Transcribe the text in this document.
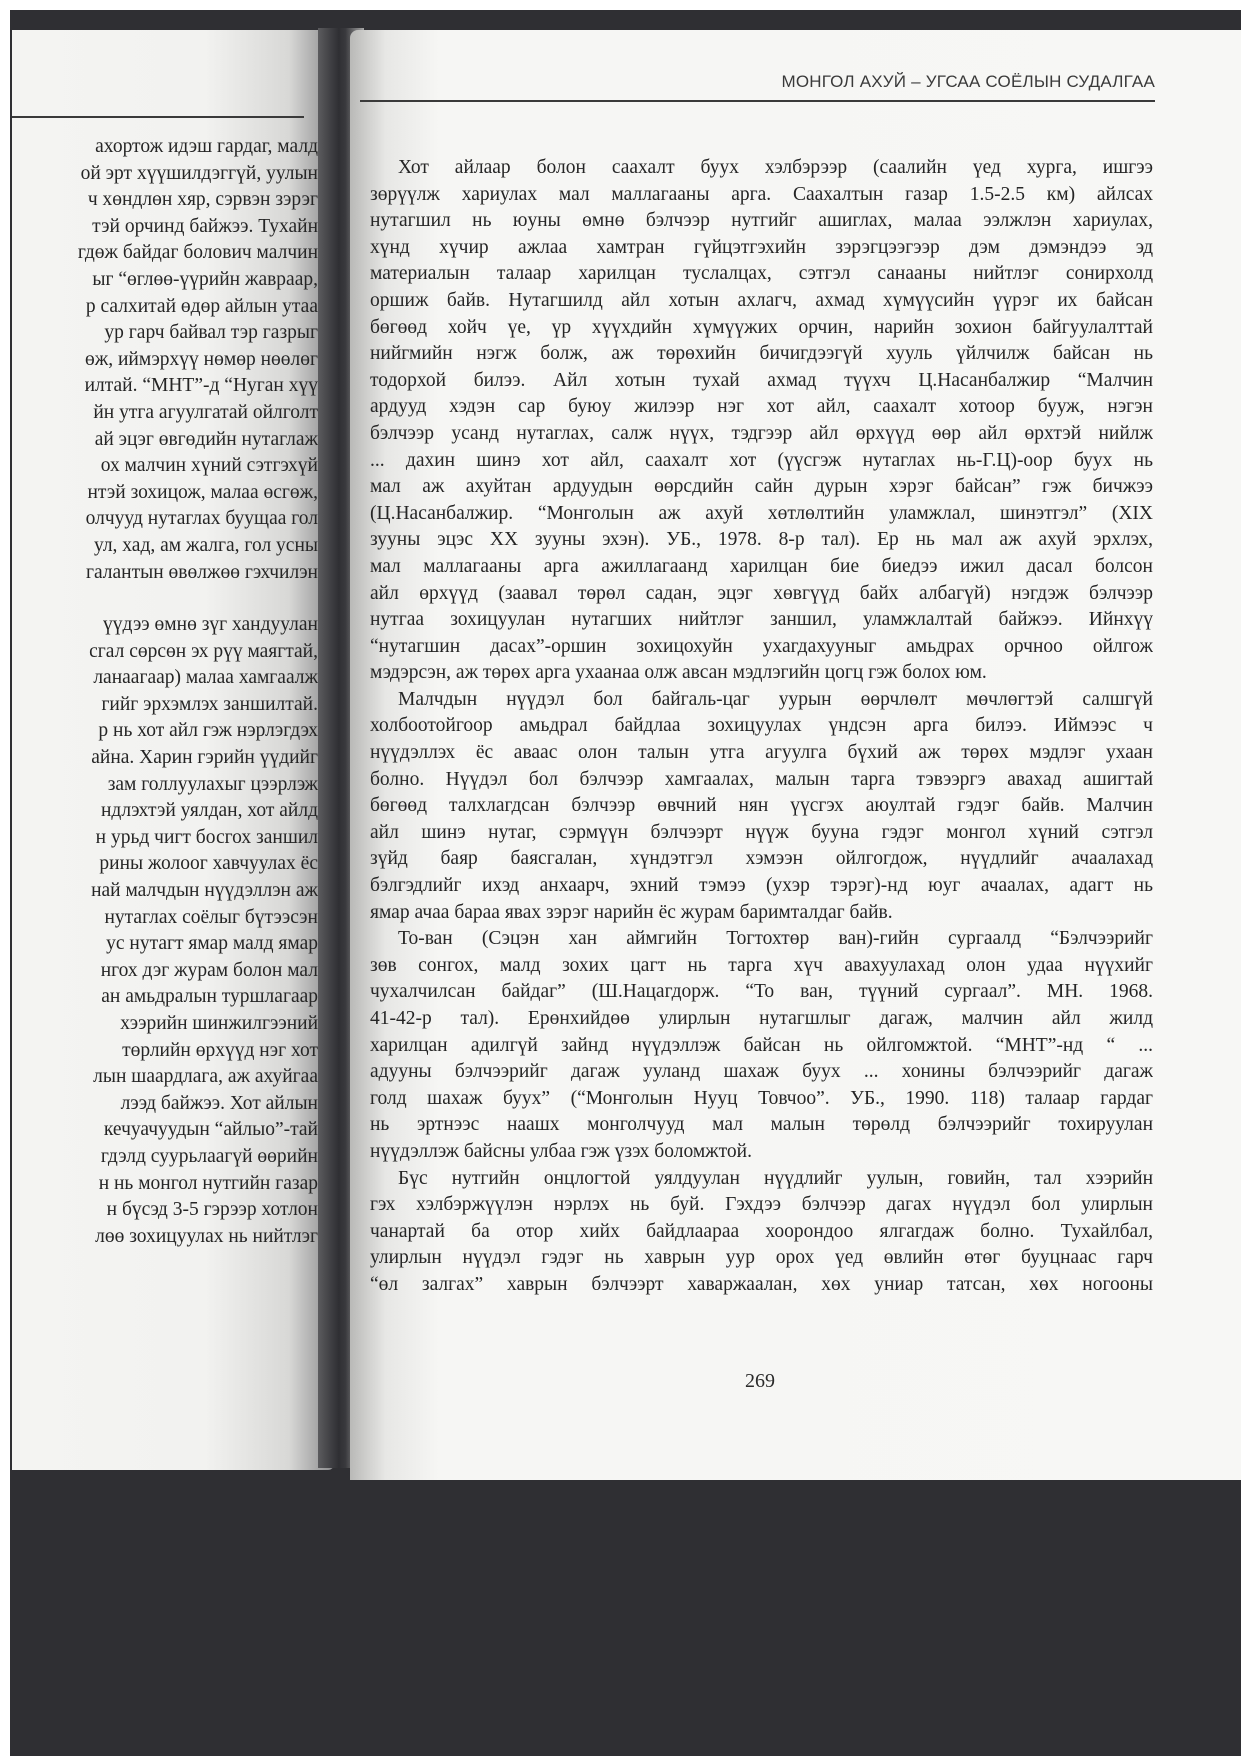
ахортож идэш гардаг, малд
ой эрт хүүшилдэггүй, уулын
ч хөндлөн хяр, сэрвэн зэрэг
тэй орчинд байжээ. Тухайн
гдөж байдаг болович малчин
ыг “өглөө-үүрийн жавраар,
р салхитай өдөр айлын утаа
ур гарч байвал тэр газрыг
өж, иймэрхүү нөмөр нөөлөг
илтай. “МНТ”-д “Нуган хүү
йн утга агуулгатай ойлголт
ай эцэг өвгөдийн нутаглаж
ох малчин хүний сэтгэхүй
нтэй зохицож, малаа өсгөж,
олчууд нутаглах буущаа гол
ул, хад, ам жалга, гол усны
галантын өвөлжөө гэхчилэн
үүдээ өмнө зүг хандуулан
сгал сөрсөн эх рүү маягтай,
ланаагаар) малаа хамгаалж
гийг эрхэмлэх заншилтай.
р нь хот айл гэж нэрлэгдэх
айна. Харин гэрийн үүдийг
зам голлуулахыг цээрлэж
ндлэхтэй уялдан, хот айлд
н урьд чигт босгох заншил
рины жолоог хавчуулах ёс
най малчдын нүүдэллэн аж
нутаглах соёлыг бүтээсэн
ус нутагт ямар малд ямар
нгох дэг журам болон мал
ан амьдралын туршлагаар
хээрийн шинжилгээний
төрлийн өрхүүд нэг хот
лын шаардлага, аж ахуйгаа
лээд байжээ. Хот айлын
кечуачуудын “айлыо”-тай
гдэлд суурьлаагүй өөрийн
н нь монгол нутгийн газар
н бүсэд 3-5 гэрээр хотлон
лөө зохицуулах нь нийтлэг
МОНГОЛ АХУЙ – УГСАА СОЁЛЫН СУДАЛГАА
Хот айлаар болон саахалт буух хэлбэрээр (саалийн үед хурга, ишгээ
зөрүүлж хариулах мал маллагааны арга. Саахалтын газар 1.5-2.5 км) айлсах
нутагшил нь юуны өмнө бэлчээр нутгийг ашиглах, малаа ээлжлэн хариулах,
хүнд хүчир ажлаа хамтран гүйцэтгэхийн зэрэгцээгээр дэм дэмэндээ эд
материалын талаар харилцан туслалцах, сэтгэл санааны нийтлэг сонирхолд
оршиж байв. Нутагшилд айл хотын ахлагч, ахмад хүмүүсийн үүрэг их байсан
бөгөөд хойч үе, үр хүүхдийн хүмүүжих орчин, нарийн зохион байгуулалттай
нийгмийн нэгж болж, аж төрөхийн бичигдээгүй хууль үйлчилж байсан нь
тодорхой билээ. Айл хотын тухай ахмад түүхч Ц.Насанбалжир “Малчин
ардууд хэдэн сар буюу жилээр нэг хот айл, саахалт хотоор бууж, нэгэн
бэлчээр усанд нутаглах, салж нүүх, тэдгээр айл өрхүүд өөр айл өрхтэй нийлж
... дахин шинэ хот айл, саахалт хот (үүсгэж нутаглах нь-Г.Ц)-оор буух нь
мал аж ахуйтан ардуудын өөрсдийн сайн дурын хэрэг байсан” гэж бичжээ
(Ц.Насанбалжир. “Монголын аж ахуй хөтлөлтийн уламжлал, шинэтгэл” (XIX
зууны эцэс XX зууны эхэн). УБ., 1978. 8-р тал). Ер нь мал аж ахуй эрхлэх,
мал маллагааны арга ажиллагаанд харилцан бие биедээ ижил дасал болсон
айл өрхүүд (заавал төрөл садан, эцэг хөвгүүд байх албагүй) нэгдэж бэлчээр
нутгаа зохицуулан нутагших нийтлэг заншил, уламжлалтай байжээ. Ийнхүү
“нутагшин дасах”-оршин зохицохуйн ухагдахууныг амьдрах орчноо ойлгож
мэдэрсэн, аж төрөх арга ухаанаа олж авсан мэдлэгийн цогц гэж болох юм.
Малчдын нүүдэл бол байгаль-цаг уурын өөрчлөлт мөчлөгтэй салшгүй
холбоотойгоор амьдрал байдлаа зохицуулах үндсэн арга билээ. Иймээс ч
нүүдэллэх ёс аваас олон талын утга агуулга бүхий аж төрөх мэдлэг ухаан
болно. Нүүдэл бол бэлчээр хамгаалах, малын тарга тэвээргэ авахад ашигтай
бөгөөд талхлагдсан бэлчээр өвчний нян үүсгэх аюултай гэдэг байв. Малчин
айл шинэ нутаг, сэрмүүн бэлчээрт нүүж бууна гэдэг монгол хүний сэтгэл
зүйд баяр баясгалан, хүндэтгэл хэмээн ойлгогдож, нүүдлийг ачаалахад
бэлгэдлийг ихэд анхаарч, эхний тэмээ (ухэр тэрэг)-нд юуг ачаалах, адагт нь
ямар ачаа бараа явах зэрэг нарийн ёс журам баримталдаг байв.
То-ван (Сэцэн хан аймгийн Тогтохтөр ван)-гийн сургаалд “Бэлчээрийг
зөв сонгох, малд зохих цагт нь тарга хүч авахуулахад олон удаа нүүхийг
чухалчилсан байдаг” (Ш.Нацагдорж. “То ван, түүний сургаал”. МН. 1968.
41-42-р тал). Ерөнхийдөө улирлын нутагшлыг дагаж, малчин айл жилд
харилцан адилгүй зайнд нүүдэллэж байсан нь ойлгомжтой. “МНТ”-нд “ ...
адууны бэлчээрийг дагаж ууланд шахаж буух ... хонины бэлчээрийг дагаж
голд шахаж буух” (“Монголын Нууц Товчоо”. УБ., 1990. 118) талаар гардаг
нь эртнээс наашх монголчууд мал малын төрөлд бэлчээрийг тохируулан
нүүдэллэж байсны улбаа гэж үзэх боломжтой.
Бүс нутгийн онцлогтой уялдуулан нүүдлийг уулын, говийн, тал хээрийн
гэх хэлбэржүүлэн нэрлэх нь буй. Гэхдээ бэлчээр дагах нүүдэл бол улирлын
чанартай ба отор хийх байдлаараа хоорондоо ялгагдаж болно. Тухайлбал,
улирлын нүүдэл гэдэг нь хаврын уур орох үед өвлийн өтөг бууцнаас гарч
“өл залгах” хаврын бэлчээрт хаваржаалан, хөх униар татсан, хөх ногооны
269
